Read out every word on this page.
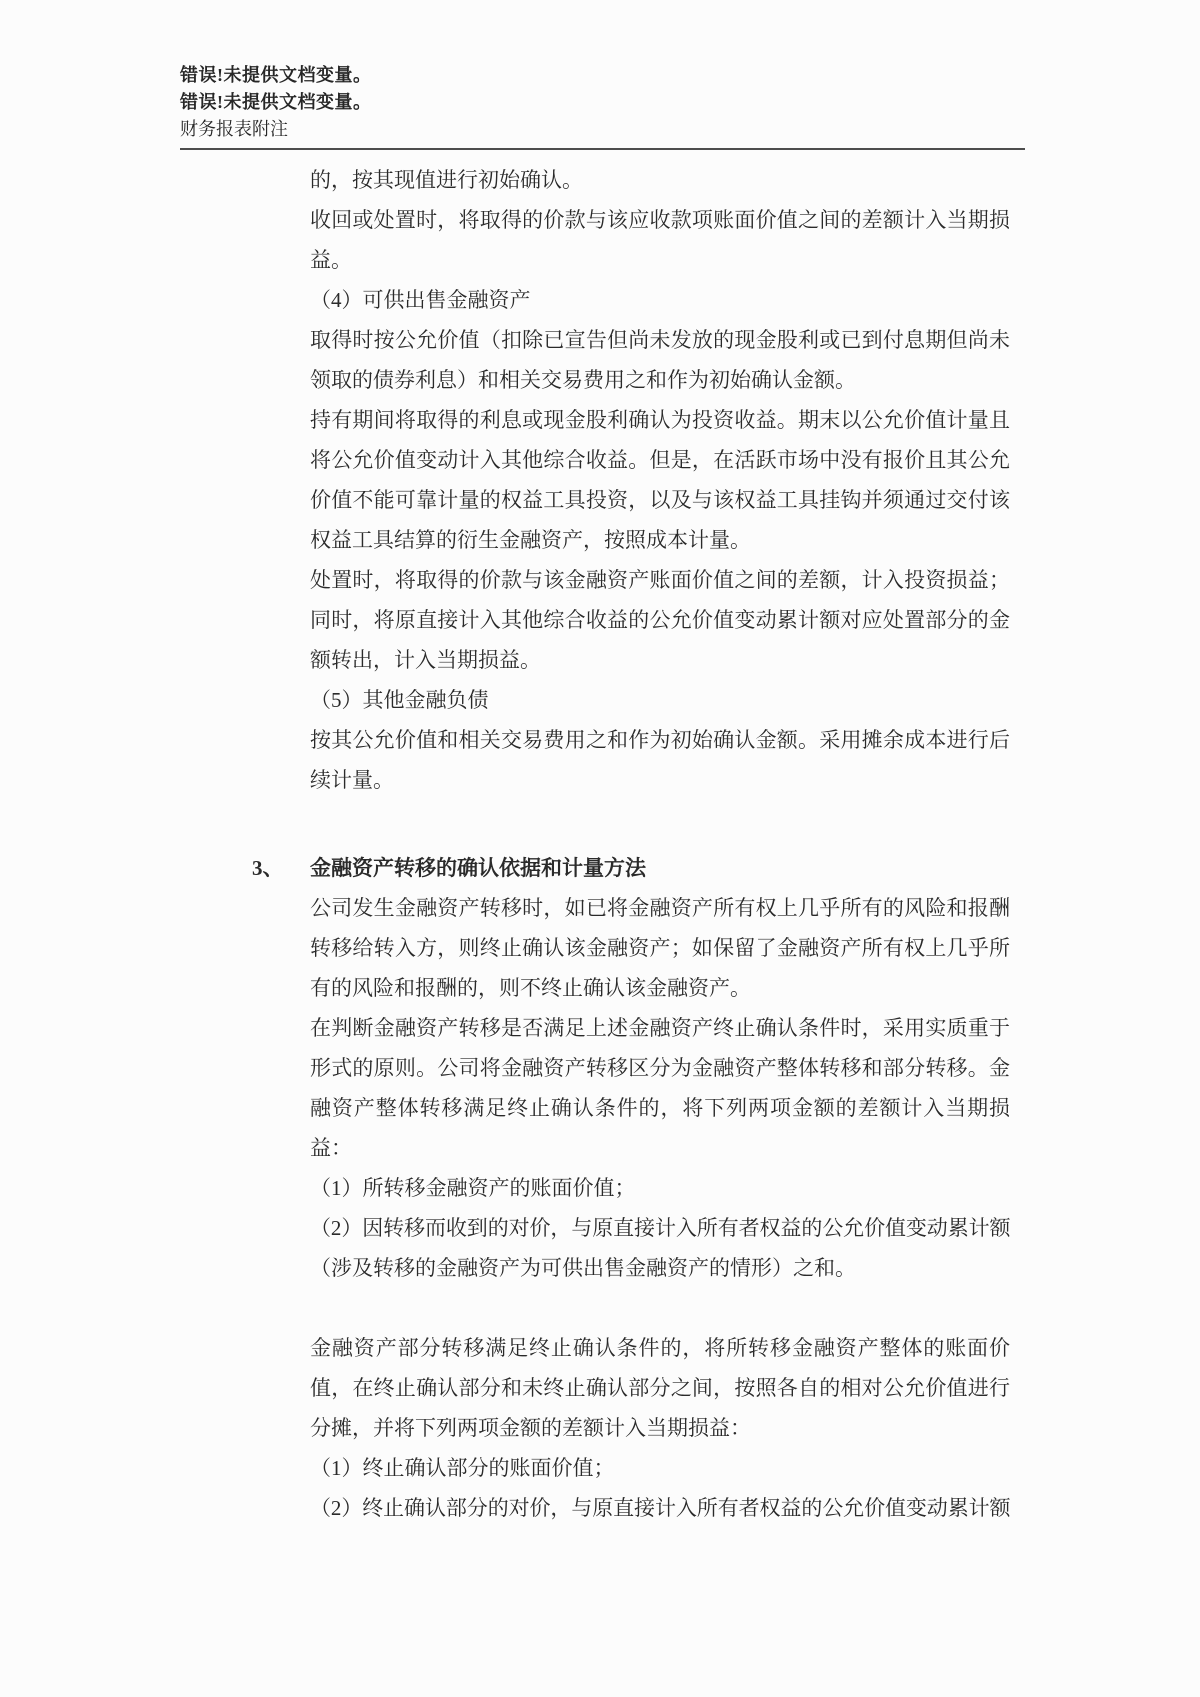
错误!未提供文档变量。
错误!未提供文档变量。
财务报表附注
的，按其现值进行初始确认。
收回或处置时，将取得的价款与该应收款项账面价值之间的差额计入当期损
益。
（4）可供出售金融资产
取得时按公允价值（扣除已宣告但尚未发放的现金股利或已到付息期但尚未
领取的债券利息）和相关交易费用之和作为初始确认金额。
持有期间将取得的利息或现金股利确认为投资收益。期末以公允价值计量且
将公允价值变动计入其他综合收益。但是，在活跃市场中没有报价且其公允
价值不能可靠计量的权益工具投资，以及与该权益工具挂钩并须通过交付该
权益工具结算的衍生金融资产，按照成本计量。
处置时，将取得的价款与该金融资产账面价值之间的差额，计入投资损益；
同时，将原直接计入其他综合收益的公允价值变动累计额对应处置部分的金
额转出，计入当期损益。
（5）其他金融负债
按其公允价值和相关交易费用之和作为初始确认金额。采用摊余成本进行后
续计量。
3、 金融资产转移的确认依据和计量方法
公司发生金融资产转移时，如已将金融资产所有权上几乎所有的风险和报酬
转移给转入方，则终止确认该金融资产；如保留了金融资产所有权上几乎所
有的风险和报酬的，则不终止确认该金融资产。
在判断金融资产转移是否满足上述金融资产终止确认条件时，采用实质重于
形式的原则。公司将金融资产转移区分为金融资产整体转移和部分转移。金
融资产整体转移满足终止确认条件的，将下列两项金额的差额计入当期损
益：
（1）所转移金融资产的账面价值；
（2）因转移而收到的对价，与原直接计入所有者权益的公允价值变动累计额
（涉及转移的金融资产为可供出售金融资产的情形）之和。
金融资产部分转移满足终止确认条件的，将所转移金融资产整体的账面价
值，在终止确认部分和未终止确认部分之间，按照各自的相对公允价值进行
分摊，并将下列两项金额的差额计入当期损益：
（1）终止确认部分的账面价值；
（2）终止确认部分的对价，与原直接计入所有者权益的公允价值变动累计额
